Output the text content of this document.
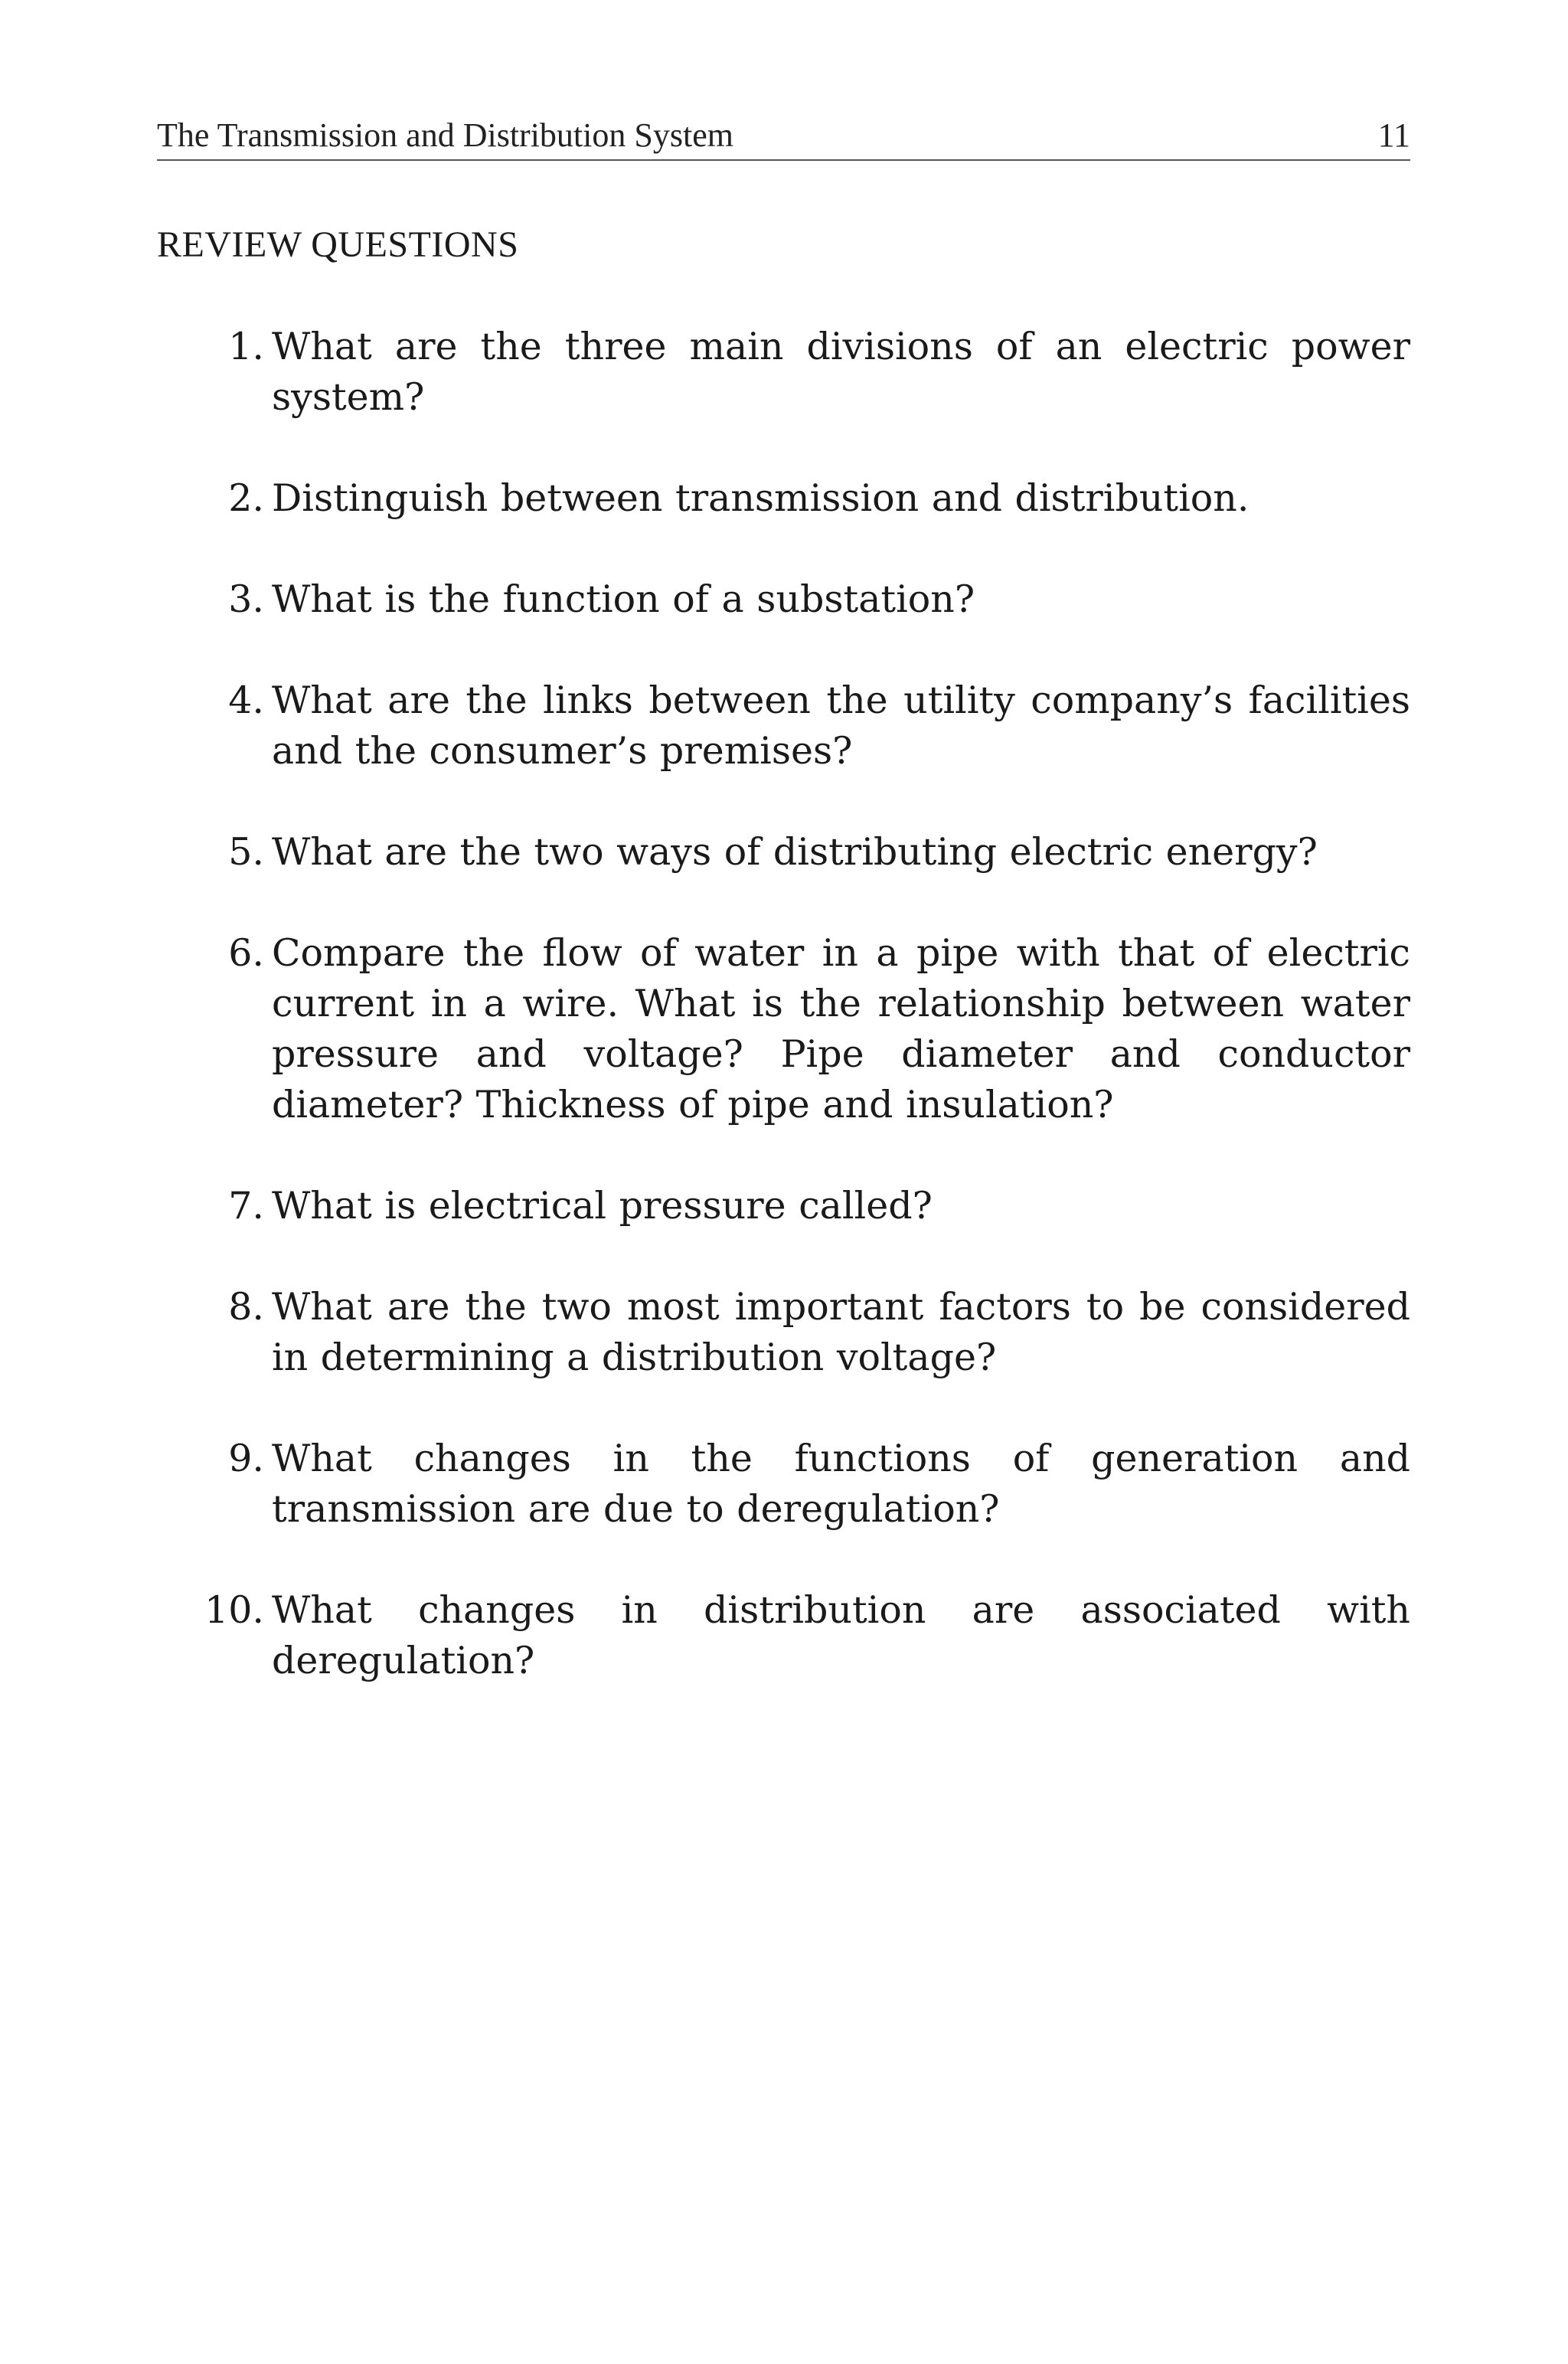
The Transmission and Distribution System	11
REVIEW QUESTIONS
1. What are the three main divisions of an electric power system?
2. Distinguish between transmission and distribution.
3. What is the function of a substation?
4. What are the links between the utility company’s facilities and the consumer’s premises?
5. What are the two ways of distributing electric energy?
6. Compare the flow of water in a pipe with that of electric current in a wire. What is the relationship between water pressure and voltage? Pipe diameter and conductor diameter? Thickness of pipe and insulation?
7. What is electrical pressure called?
8. What are the two most important factors to be considered in determining a distribution voltage?
9. What changes in the functions of generation and transmission are due to deregulation?
10. What changes in distribution are associated with deregulation?
